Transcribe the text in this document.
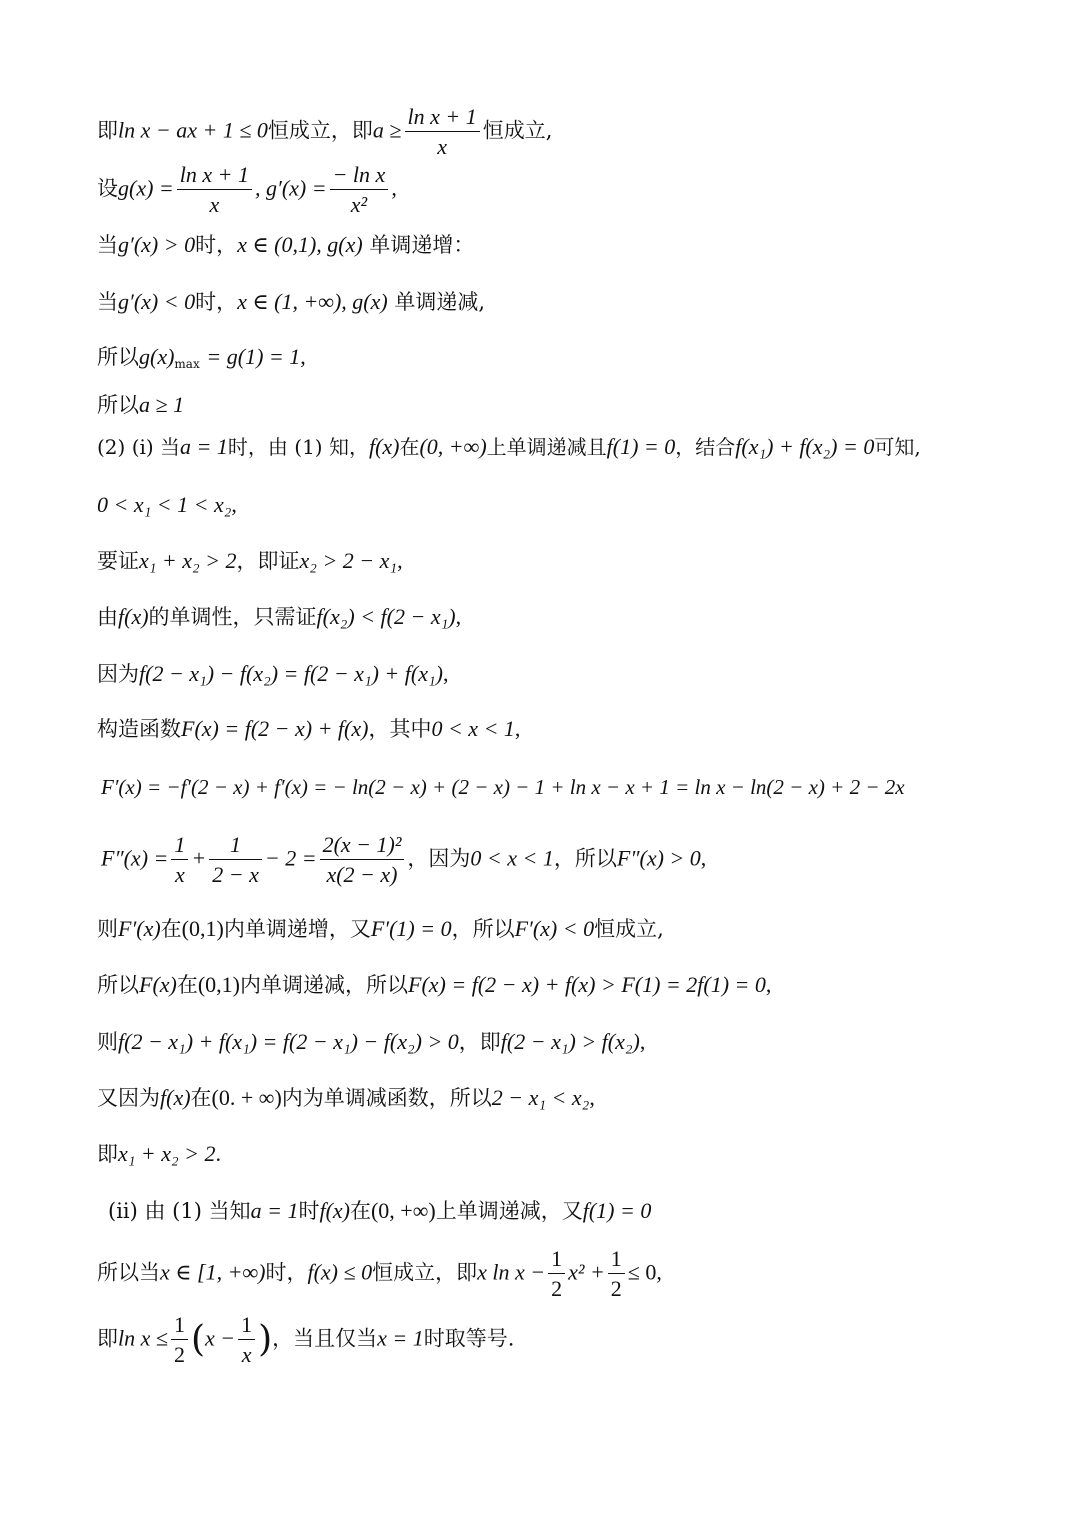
即ln x − ax + 1 ≤ 0恒成立，即$a \ge \frac{\text{ln x + 1}}{x}$ 恒成立,
设$g(x) = \frac{\text{ln x + 1}}{x}$ , $g'(x) = \frac{\text{− ln x}}{\text{x²}}$ ,
当g′(x) > 0时，x ∈ (0,1), g(x) 单调递增：
当g′(x) < 0时，x ∈ (1, +∞), g(x) 单调递减,
所以$g(x)_{max} = g(1) = 1$,
所以a ≥ 1
(2) (i) 当a = 1时，由 (1) 知，f(x)在(0, +∞)上单调递减且f(1) = 0，结合f(x₁) + f(x₂) = 0可知,
0 < x₁ < 1 < x₂,
要证x₁ + x₂ > 2，即证x₂ > 2 − x₁,
由f(x)的单调性，只需证f(x₂) < f(2 − x₁),
因为f(2 − x₁) − f(x₂) = f(2 − x₁) + f(x₁),
构造函数F(x) = f(2 − x) + f(x)，其中0 < x < 1,
F′(x) = −f′(2 − x) + f′(x) = − ln(2 − x) + (2 − x) − 1 + ln x − x + 1 = ln x − ln(2 − x) + 2 − 2x
$F''(x) = \frac{1}{x} + \frac{1}{2 - x} - 2 = \frac{\text{2(x − 1)²}}{x(2 - x)}$ ，因为0 < x < 1，所以F″(x) > 0,
则F′(x)在(0,1)内单调递增，又F′(1) = 0，所以F′(x) < 0恒成立,
所以F(x)在(0,1)内单调递减，所以F(x) = f(2 − x) + f(x) > F(1) = 2f(1) = 0,
则f(2 − x₁) + f(x₁) = f(2 − x₁) − f(x₂) > 0，即f(2 − x₁) > f(x₂),
又因为f(x)在(0. + ∞)内为单调减函数，所以2 − x₁ < x₂,
即x₁ + x₂ > 2.
(ii) 由 (1) 当知a = 1时f(x)在(0, +∞)上单调递减，又f(1) = 0
所以当x ∈ [1, +∞)时，f(x) ≤ 0恒成立，即x $\ln x - \frac{1}{2} x^2 + \frac{1}{2} \le 0$,
即$\ln x \le \frac{1}{2} (x - \frac{1}{x}$ )，当且仅当x = 1时取等号.
